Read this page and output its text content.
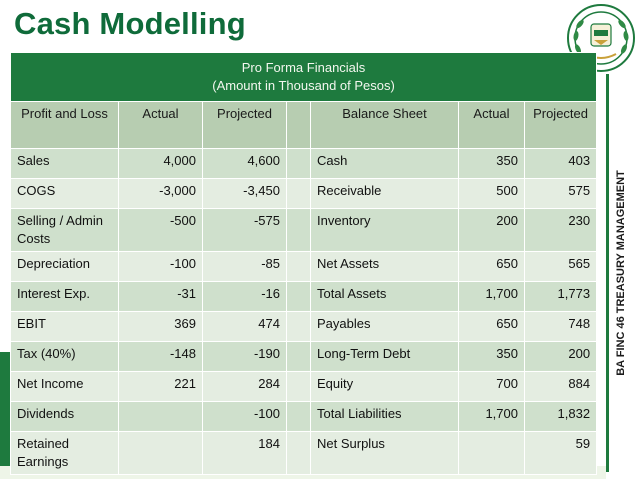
Cash Modelling
BA FINC 46 TREASURY MANAGEMENT
Pro Forma Financials
(Amount in Thousand of Pesos)						

Profit and Loss	Actual	Projected		Balance Sheet	Actual	Projected
Sales	4,000	4,600		Cash	350	403
COGS	-3,000	-3,450		Receivable	500	575
Selling / Admin Costs	-500	-575		Inventory	200	230
Depreciation	-100	-85		Net Assets	650	565
Interest Exp.	-31	-16		Total Assets	1,700	1,773
EBIT	369	474		Payables	650	748
Tax (40%)	-148	-190		Long-Term Debt	350	200
Net Income	221	284		Equity	700	884
Dividends		-100		Total Liabilities	1,700	1,832
Retained Earnings		184		Net Surplus		59
